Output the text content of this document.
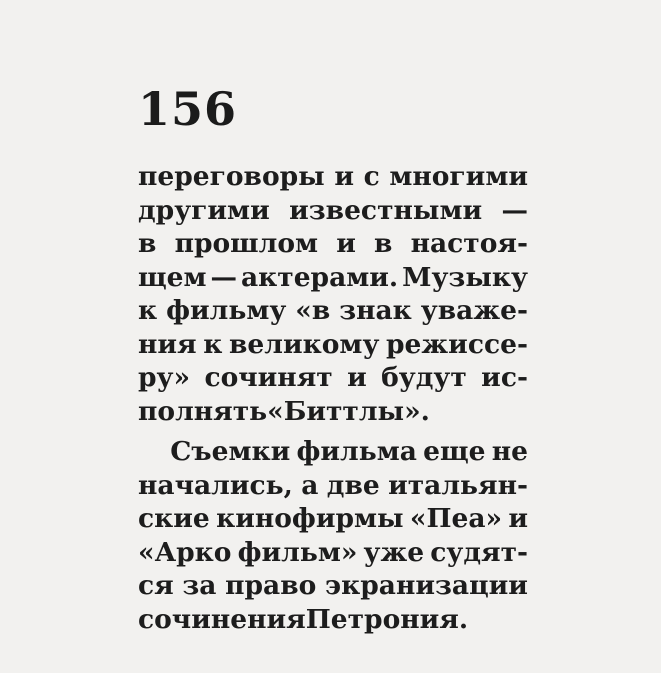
156
переговоры и с многими
другими известными —
в прошлом и в настоя-
щем — актерами. Музыку
к фильму «в знак уваже-
ния к великому режиссе-
ру» сочинят и будут ис-
полнять «Биттлы».
Съемки фильма еще не
начались, а две итальян-
ские кинофирмы «Пеа» и
«Арко фильм» уже судят-
ся за право экранизации
сочинения Петрония.
